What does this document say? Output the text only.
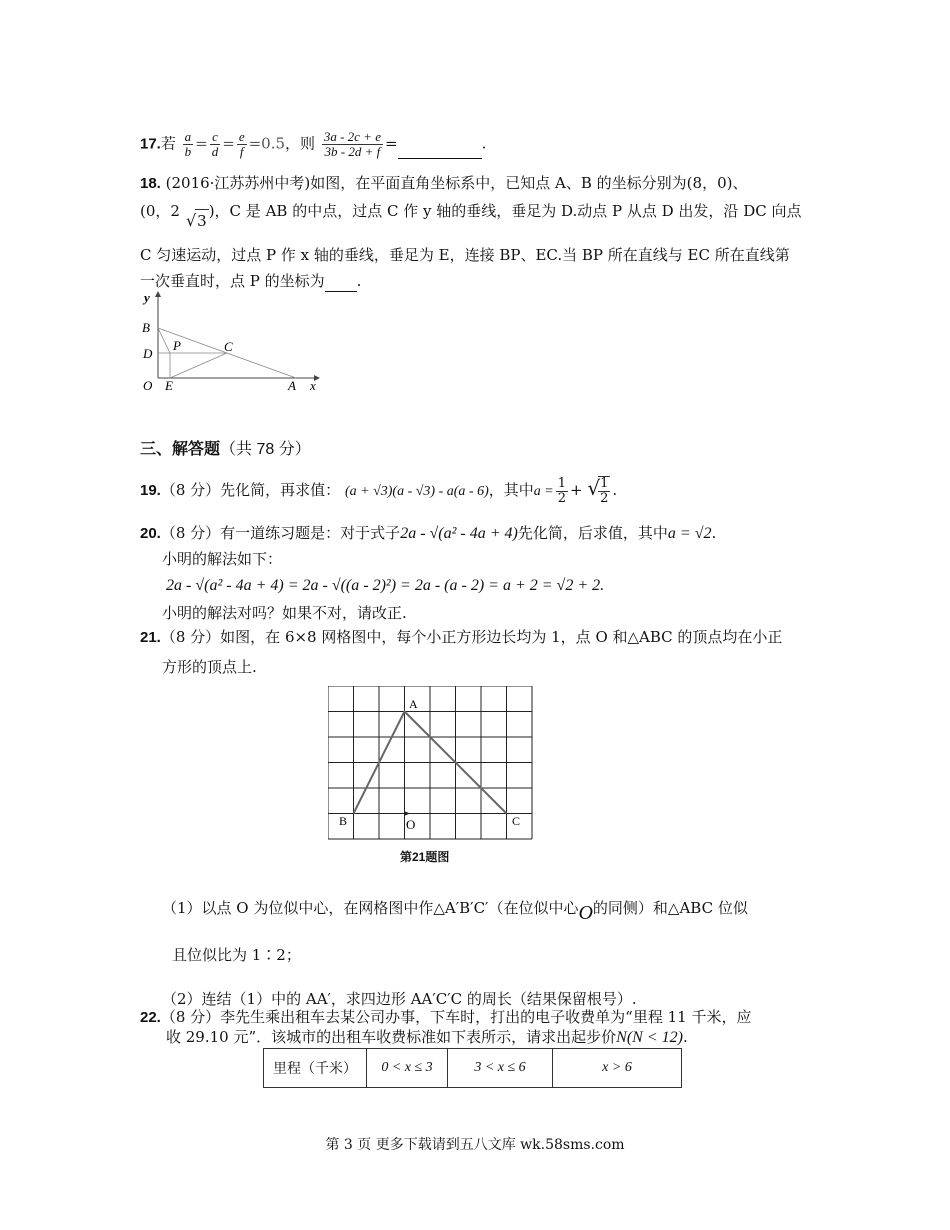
17.若 $\frac{a}{b} = \frac{c}{d} = \frac{e}{f} =0.5$，则 $\frac{3a - 2c + e}{3b - 2d + f}$ =	.
18. (2016·江苏苏州中考)如图，在平面直角坐标系中，已知点 A、B 的坐标分别为(8，0)、
(0，2 √3)，C 是 AB 的中点，过点 C 作 y 轴的垂线，垂足为 D.动点 P 从点 D 出发，沿 DC 向点
C 匀速运动，过点 P 作 x 轴的垂线，垂足为 E，连接 BP、EC.当 BP 所在直线与 EC 所在直线第
一次垂直时，点 P 的坐标为 .
y
B
D
P	C
O E	A x
三、解答题（共 78 分）
19.（8 分）先化简，再求值： (a + √3)(a - √3) - a(a - 6)，其中$a = \frac{1}{2}$ + √
$\frac{1}{2}$ .
20.（8 分）有一道练习题是：对于式子2a - √(a² - 4a + 4)先化简，后求值，其中a = √2.
小明的解法如下：
2a - √(a² - 4a + 4) = 2a - √((a - 2)²) = 2a - (a - 2) = a + 2 = √2 + 2.
小明的解法对吗？如果不对，请改正.
21.（8 分）如图，在 6×8 网格图中，每个小正方形边长均为 1，点 O 和△ABC 的顶点均在小正
方形的顶点上.
A
B	O	C
第21题图
（1）以点 O 为位似中心，在网格图中作△A′B′C′（在位似中心O的同侧）和△ABC 位似
且位似比为 1∶2；
（2）连结（1）中的 AA′，求四边形 AA′C′C 的周长（结果保留根号）.
22.（8 分）李先生乘出租车去某公司办事，下车时，打出的电子收费单为“里程 11 千米，应
收 29.10 元”．该城市的出租车收费标准如下表所示，请求出起步价N(N < 12).
里程（千米）	0 < x ≤ 3	3 < x ≤ 6	x > 6
第 3 页 更多下载请到五八文库 wk.58sms.com
